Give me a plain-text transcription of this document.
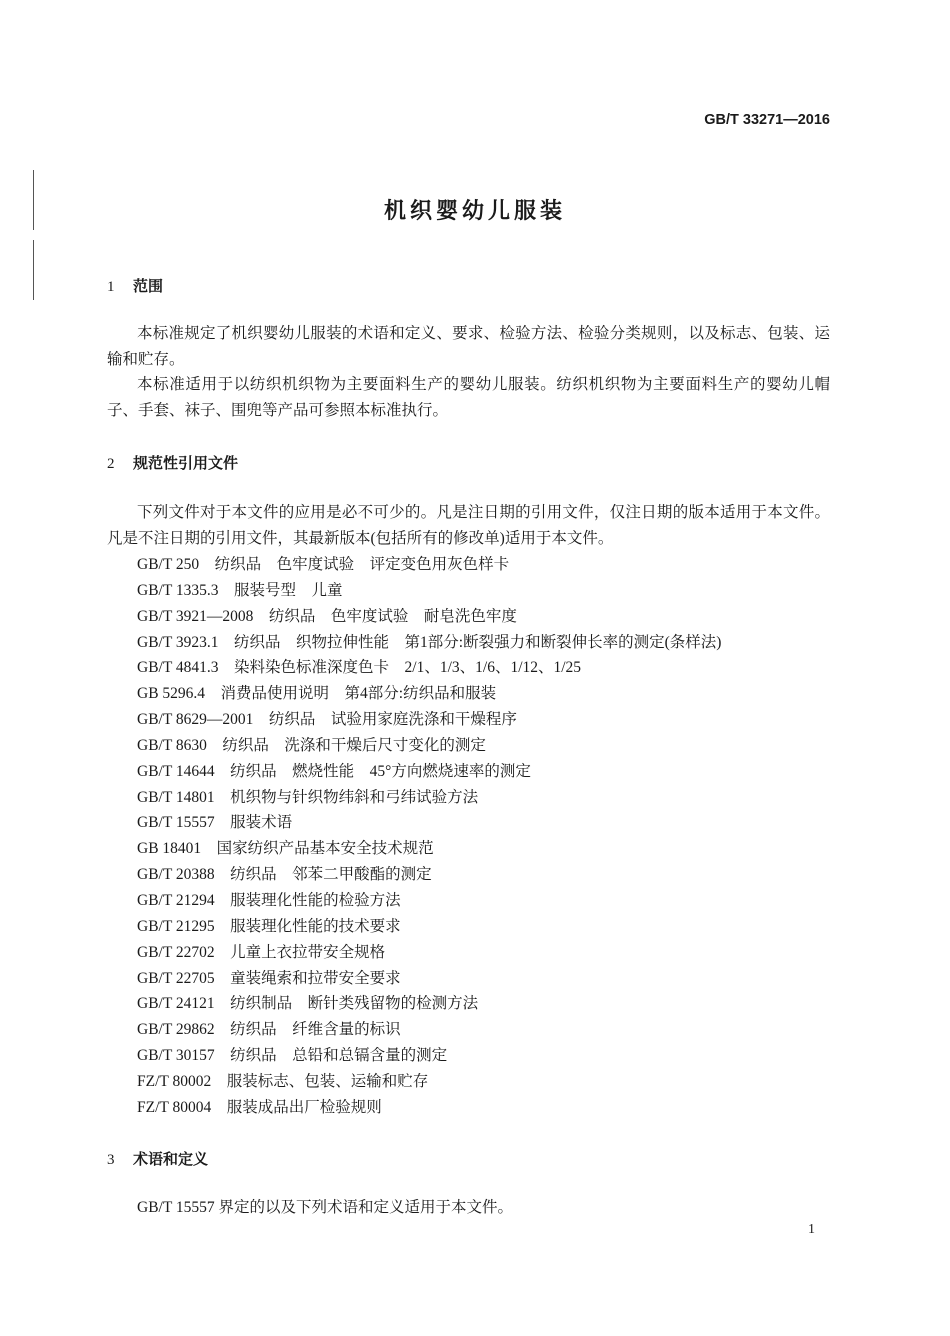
GB/T 33271—2016
机织婴幼儿服装
1 范围
本标准规定了机织婴幼儿服装的术语和定义、要求、检验方法、检验分类规则，以及标志、包装、运输和贮存。
本标准适用于以纺织机织物为主要面料生产的婴幼儿服装。纺织机织物为主要面料生产的婴幼儿帽子、手套、袜子、围兜等产品可参照本标准执行。
2 规范性引用文件
下列文件对于本文件的应用是必不可少的。凡是注日期的引用文件，仅注日期的版本适用于本文件。凡是不注日期的引用文件，其最新版本(包括所有的修改单)适用于本文件。
GB/T 250　纺织品　色牢度试验　评定变色用灰色样卡
GB/T 1335.3　服装号型　儿童
GB/T 3921—2008　纺织品　色牢度试验　耐皂洗色牢度
GB/T 3923.1　纺织品　织物拉伸性能　第1部分:断裂强力和断裂伸长率的测定(条样法)
GB/T 4841.3　染料染色标准深度色卡　2/1、1/3、1/6、1/12、1/25
GB 5296.4　消费品使用说明　第4部分:纺织品和服装
GB/T 8629—2001　纺织品　试验用家庭洗涤和干燥程序
GB/T 8630　纺织品　洗涤和干燥后尺寸变化的测定
GB/T 14644　纺织品　燃烧性能　45°方向燃烧速率的测定
GB/T 14801　机织物与针织物纬斜和弓纬试验方法
GB/T 15557　服装术语
GB 18401　国家纺织产品基本安全技术规范
GB/T 20388　纺织品　邻苯二甲酸酯的测定
GB/T 21294　服装理化性能的检验方法
GB/T 21295　服装理化性能的技术要求
GB/T 22702　儿童上衣拉带安全规格
GB/T 22705　童装绳索和拉带安全要求
GB/T 24121　纺织制品　断针类残留物的检测方法
GB/T 29862　纺织品　纤维含量的标识
GB/T 30157　纺织品　总铅和总镉含量的测定
FZ/T 80002　服装标志、包装、运输和贮存
FZ/T 80004　服装成品出厂检验规则
3 术语和定义
GB/T 15557 界定的以及下列术语和定义适用于本文件。
1
